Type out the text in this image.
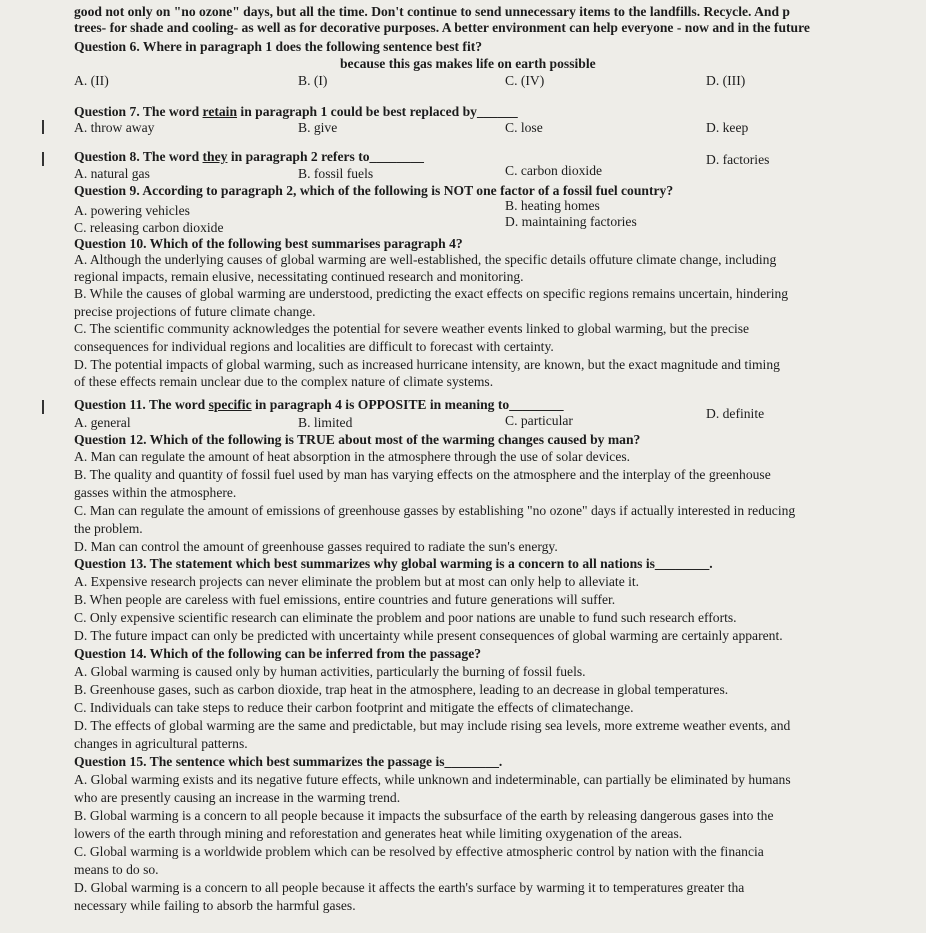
good not only on "no ozone" days, but all the time. Don't continue to send unnecessary items to the landfills. Recycle. And p

trees- for shade and cooling- as well as for decorative purposes. A better environment can help everyone - now and in the future

Question 6. Where in paragraph 1 does the following sentence best fit?

because this gas makes life on earth possible

A. (II)	B. (I)	C. (IV)	D. (III)

Question 7. The word retain in paragraph 1 could be best replaced by______

A. throw away	B. give	C. lose	D. keep

Question 8. The word they in paragraph 2 refers to________

A. natural gas	B. fossil fuels	C. carbon dioxide

D. factories

Question 9. According to paragraph 2, which of the following is NOT one factor of a fossil fuel country?

A. powering vehicles	B. heating homes

C. releasing carbon dioxide	D. maintaining factories

Question 10. Which of the following best summarises paragraph 4?

A. Although the underlying causes of global warming are well-established, the specific details offuture climate change, including

regional impacts, remain elusive, necessitating continued research and monitoring.

B. While the causes of global warming are understood, predicting the exact effects on specific regions remains uncertain, hindering

precise projections of future climate change.

C. The scientific community acknowledges the potential for severe weather events linked to global warming, but the precise

consequences for individual regions and localities are difficult to forecast with certainty.

D. The potential impacts of global warming, such as increased hurricane intensity, are known, but the exact magnitude and timing

of these effects remain unclear due to the complex nature of climate systems.

Question 11. The word specific in paragraph 4 is OPPOSITE in meaning to________

A. general	B. limited	C. particular	D. definite

Question 12. Which of the following is TRUE about most of the warming changes caused by man?

A. Man can regulate the amount of heat absorption in the atmosphere through the use of solar devices.

B. The quality and quantity of fossil fuel used by man has varying effects on the atmosphere and the interplay of the greenhouse

gasses within the atmosphere.

C. Man can regulate the amount of emissions of greenhouse gasses by establishing "no ozone" days if actually interested in reducing

the problem.

D. Man can control the amount of greenhouse gasses required to radiate the sun's energy.

Question 13. The statement which best summarizes why global warming is a concern to all nations is________.

A. Expensive research projects can never eliminate the problem but at most can only help to alleviate it.

B. When people are careless with fuel emissions, entire countries and future generations will suffer.

C. Only expensive scientific research can eliminate the problem and poor nations are unable to fund such research efforts.

D. The future impact can only be predicted with uncertainty while present consequences of global warming are certainly apparent.

Question 14. Which of the following can be inferred from the passage?

A. Global warming is caused only by human activities, particularly the burning of fossil fuels.

B. Greenhouse gases, such as carbon dioxide, trap heat in the atmosphere, leading to an decrease in global temperatures.

C. Individuals can take steps to reduce their carbon footprint and mitigate the effects of climatechange.

D. The effects of global warming are the same and predictable, but may include rising sea levels, more extreme weather events, and

changes in agricultural patterns.

Question 15. The sentence which best summarizes the passage is________.

A. Global warming exists and its negative future effects, while unknown and indeterminable, can partially be eliminated by humans

who are presently causing an increase in the warming trend.

B. Global warming is a concern to all people because it impacts the subsurface of the earth by releasing dangerous gases into the

lowers of the earth through mining and reforestation and generates heat while limiting oxygenation of the areas.

C. Global warming is a worldwide problem which can be resolved by effective atmospheric control by nation with the financia

means to do so.

D. Global warming is a concern to all people because it affects the earth's surface by warming it to temperatures greater tha

necessary while failing to absorb the harmful gases.
